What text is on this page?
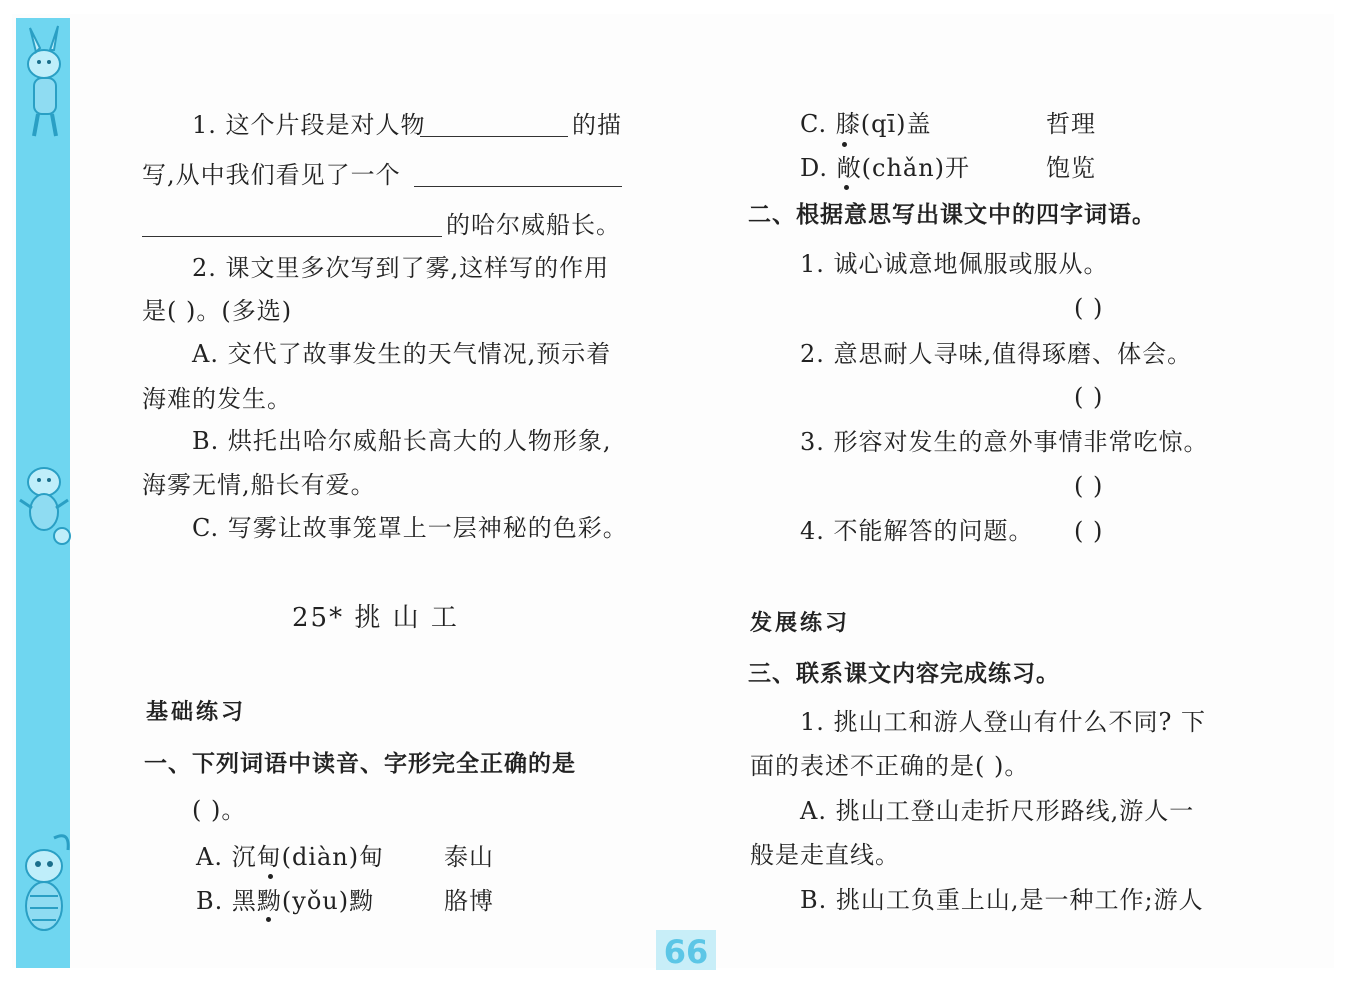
1. 这个片段是对人物	的描
写,从中我们看见了一个
的哈尔威船长。
2. 课文里多次写到了雾,这样写的作用
是( )。(多选)
A. 交代了故事发生的天气情况,预示着
海难的发生。
B. 烘托出哈尔威船长高大的人物形象,
海雾无情,船长有爱。
C. 写雾让故事笼罩上一层神秘的色彩。
25* 挑 山 工
基础练习
一、下列词语中读音、字形完全正确的是
( )。
A. 沉甸(diàn)甸 泰山
B. 黑黝(yǒu)黝	胳博
C. 膝(qī)盖	哲理
D. 敞(chǎn)开	饱览
二、根据意思写出课文中的四字词语。
1. 诚心诚意地佩服或服从。
( )
2. 意思耐人寻味,值得琢磨、体会。
( )
3. 形容对发生的意外事情非常吃惊。
( )
4. 不能解答的问题。 ( )
发展练习
三、联系课文内容完成练习。
1. 挑山工和游人登山有什么不同? 下
面的表述不正确的是( )。
A. 挑山工登山走折尺形路线,游人一
般是走直线。
B. 挑山工负重上山,是一种工作;游人
66
